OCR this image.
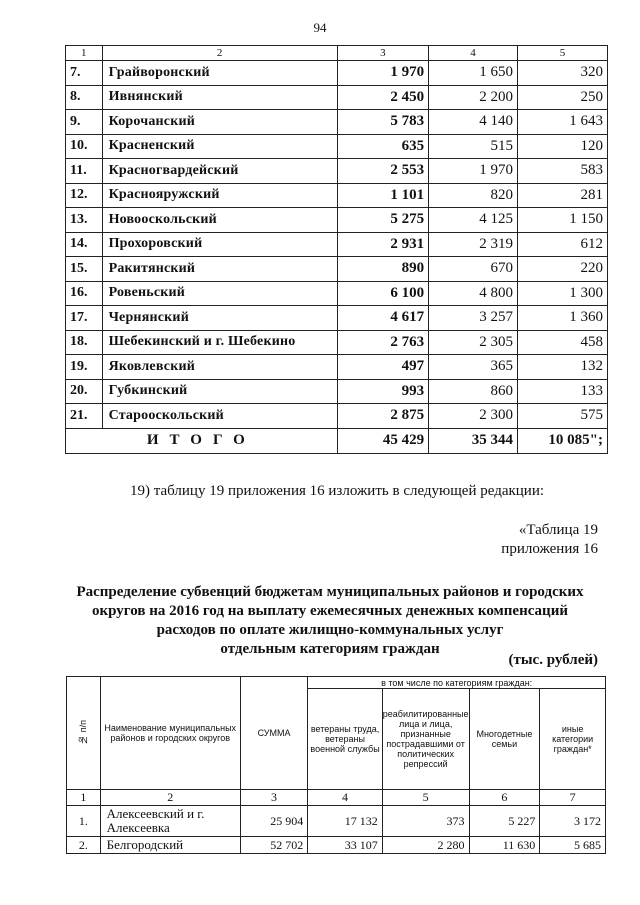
94
1	2	3	4	5
7.	Грайворонский	1 970	1 650	320
8.	Ивнянский	2 450	2 200	250
9.	Корочанский	5 783	4 140	1 643
10.	Красненский	635	515	120
11.	Красногвардейский	2 553	1 970	583
12.	Краснояружский	1 101	820	281
13.	Новооскольский	5 275	4 125	1 150
14.	Прохоровский	2 931	2 319	612
15.	Ракитянский	890	670	220
16.	Ровеньский	6 100	4 800	1 300
17.	Чернянский	4 617	3 257	1 360
18.	Шебекинский и г. Шебекино	2 763	2 305	458
19.	Яковлевский	497	365	132
20.	Губкинский	993	860	133
21.	Старооскольский	2 875	2 300	575
ИТОГО		45 429	35 344	10 085";
19) таблицу 19 приложения 16 изложить в следующей редакции:
«Таблица 19
приложения 16
Распределение субвенций бюджетам муниципальных районов и городских
округов на 2016 год на выплату ежемесячных денежных компенсаций
расходов по оплате жилищно-коммунальных услуг
отдельным категориям граждан
(тыс. рублей)
№ п/п	Наименование муниципальных районов и городских округов	СУММА	в том числе по категориям граждан:			
			ветераны труда, ветераны военной службы	реабилитированные лица и лица, признанные пострадавшими от политических репрессий	Многодетные семьи	иные категории граждан*
1	2	3	4	5	6	7
1.	Алексеевский и г. Алексеевка	25 904	17 132	373	5 227	3 172
2.	Белгородский	52 702	33 107	2 280	11 630	5 685
